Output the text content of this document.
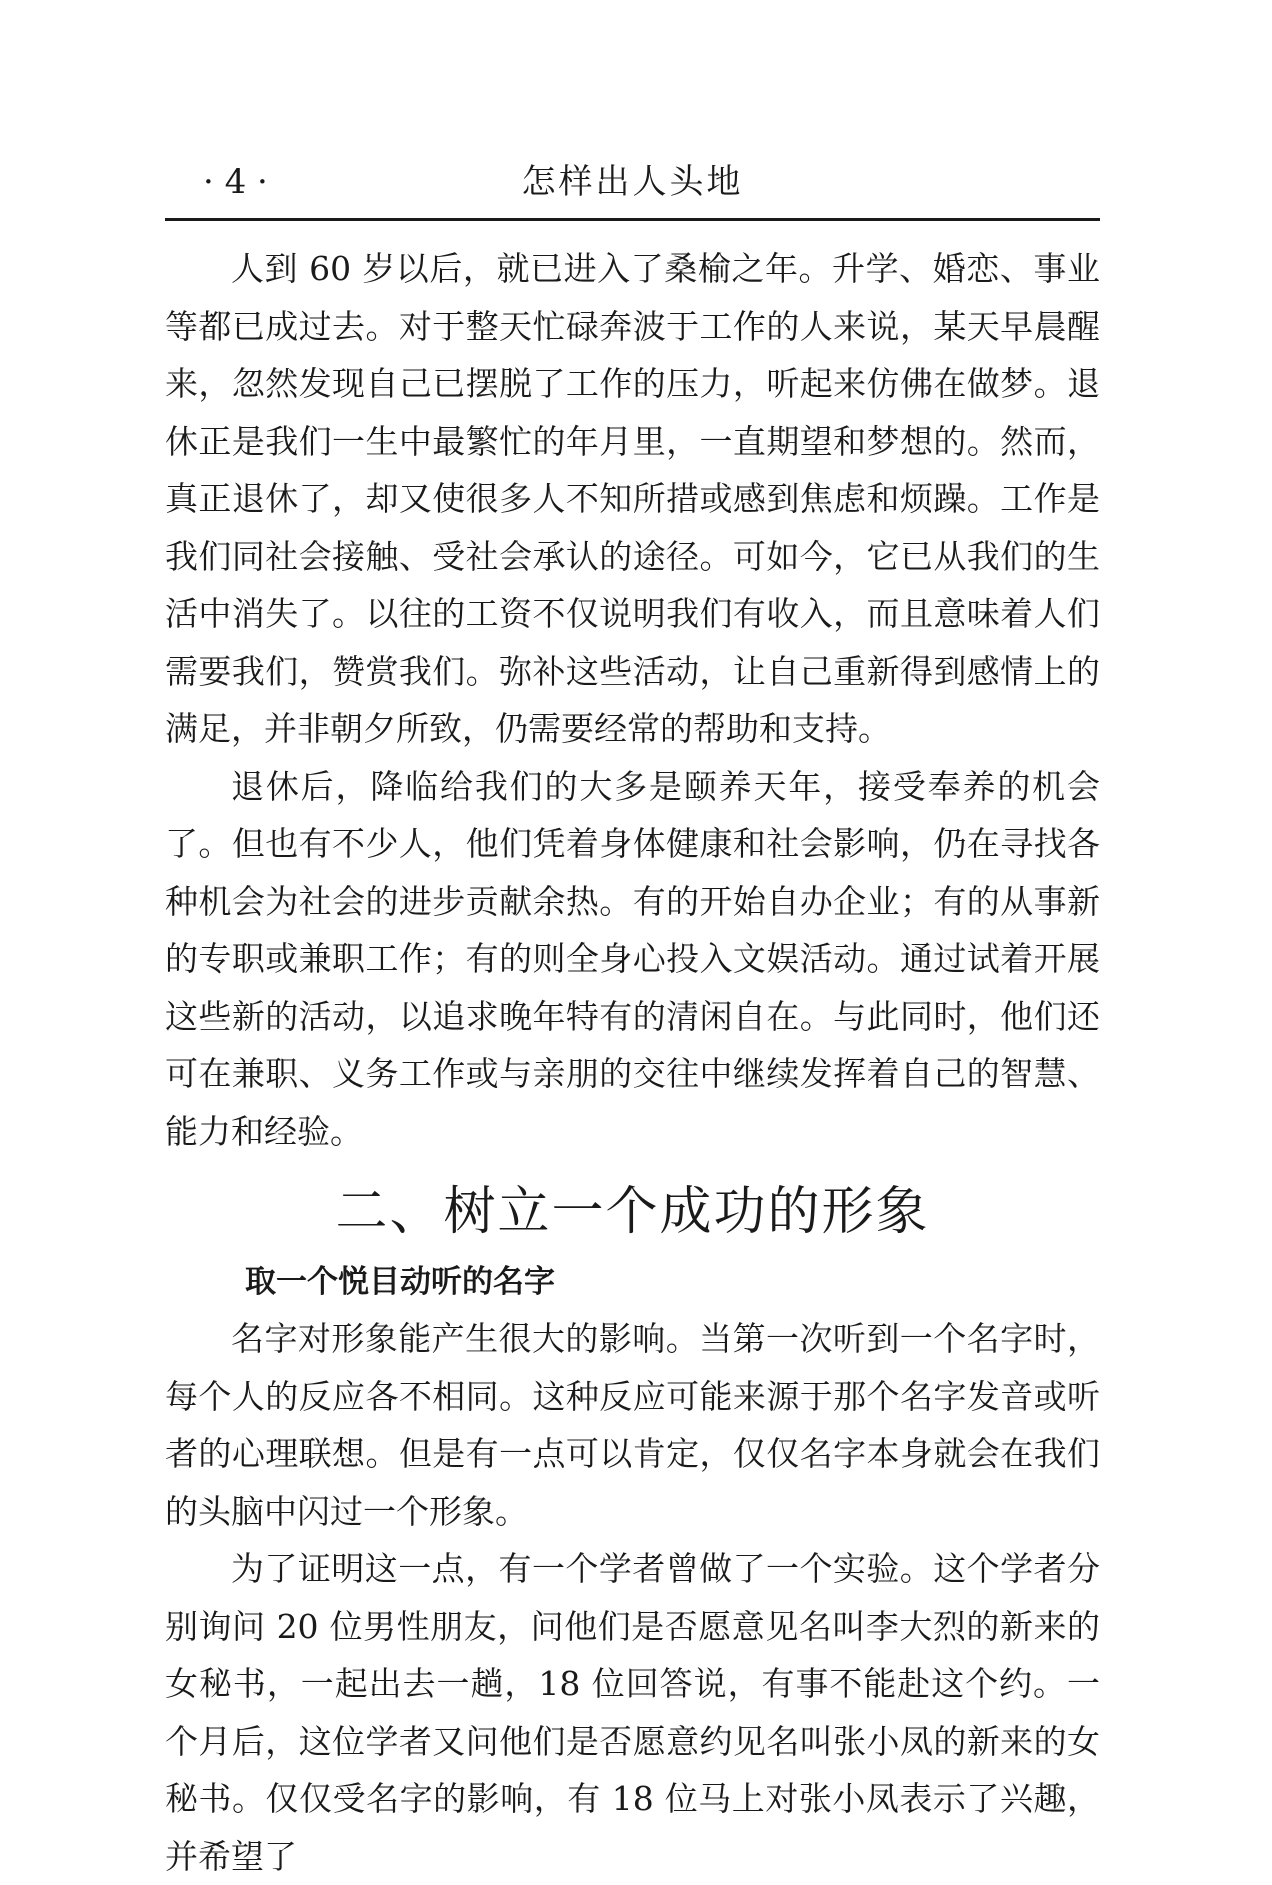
· 4 ·	怎样出人头地

人到 60 岁以后，就已进入了桑榆之年。升学、婚恋、事业等都已成过去。对于整天忙碌奔波于工作的人来说，某天早晨醒来，忽然发现自己已摆脱了工作的压力，听起来仿佛在做梦。退休正是我们一生中最繁忙的年月里，一直期望和梦想的。然而，真正退休了，却又使很多人不知所措或感到焦虑和烦躁。工作是我们同社会接触、受社会承认的途径。可如今，它已从我们的生活中消失了。以往的工资不仅说明我们有收入，而且意味着人们需要我们，赞赏我们。弥补这些活动，让自己重新得到感情上的满足，并非朝夕所致，仍需要经常的帮助和支持。

退休后，降临给我们的大多是颐养天年，接受奉养的机会了。但也有不少人，他们凭着身体健康和社会影响，仍在寻找各种机会为社会的进步贡献余热。有的开始自办企业；有的从事新的专职或兼职工作；有的则全身心投入文娱活动。通过试着开展这些新的活动，以追求晚年特有的清闲自在。与此同时，他们还可在兼职、义务工作或与亲朋的交往中继续发挥着自己的智慧、能力和经验。

二、树立一个成功的形象
取一个悦目动听的名字

名字对形象能产生很大的影响。当第一次听到一个名字时，每个人的反应各不相同。这种反应可能来源于那个名字发音或听者的心理联想。但是有一点可以肯定，仅仅名字本身就会在我们的头脑中闪过一个形象。

为了证明这一点，有一个学者曾做了一个实验。这个学者分别询问 20 位男性朋友，问他们是否愿意见名叫李大烈的新来的女秘书，一起出去一趟，18 位回答说，有事不能赴这个约。一个月后，这位学者又问他们是否愿意约见名叫张小凤的新来的女秘书。仅仅受名字的影响，有 18 位马上对张小凤表示了兴趣，并希望了
